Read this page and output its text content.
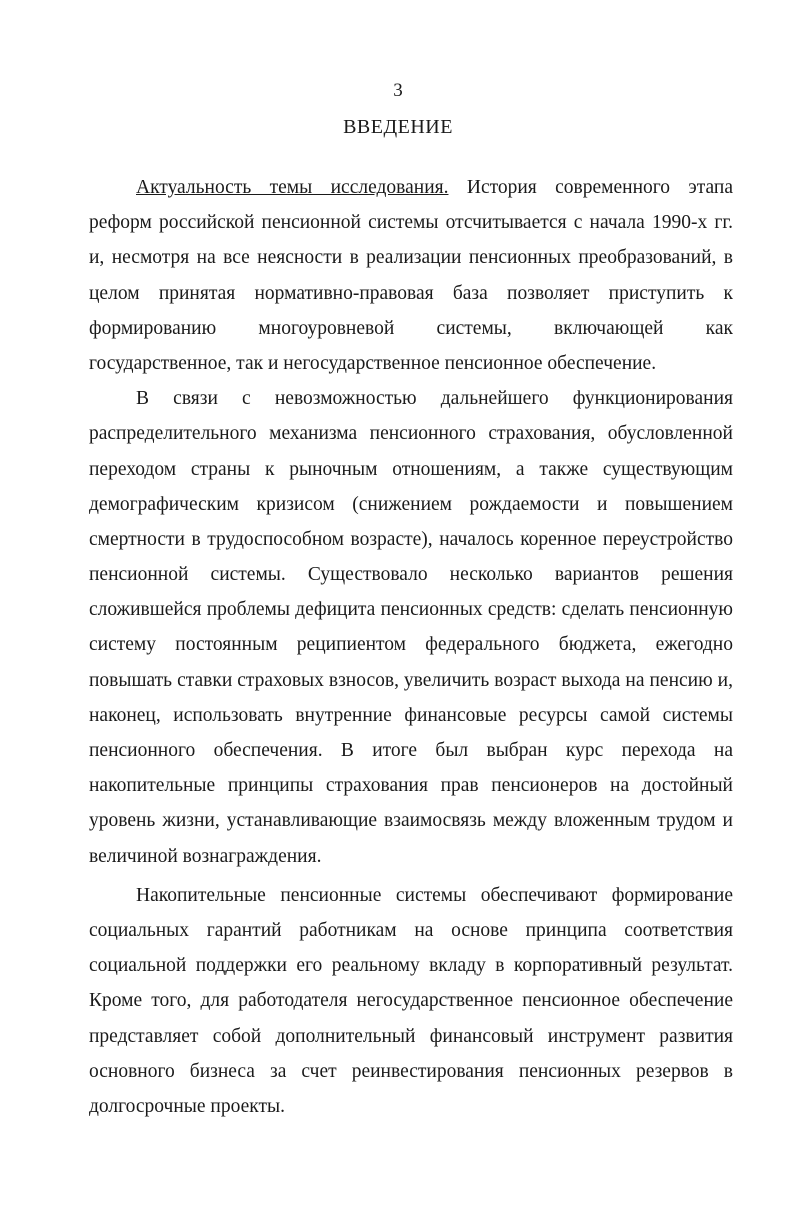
3
ВВЕДЕНИЕ
Актуальность темы исследования. История современного этапа
реформ российской пенсионной системы отсчитывается с начала 1990-х гг.
и, несмотря на все неясности в реализации пенсионных преобразований, в
целом принятая нормативно-правовая база позволяет приступить к
формированию многоуровневой системы, включающей как
государственное, так и негосударственное пенсионное обеспечение.
В связи с невозможностью дальнейшего функционирования
распределительного механизма пенсионного страхования, обусловленной
переходом страны к рыночным отношениям, а также существующим
демографическим кризисом (снижением рождаемости и повышением
смертности в трудоспособном возрасте), началось коренное переустройство
пенсионной системы. Существовало несколько вариантов решения
сложившейся проблемы дефицита пенсионных средств: сделать пенсионную
систему постоянным реципиентом федерального бюджета, ежегодно
повышать ставки страховых взносов, увеличить возраст выхода на пенсию и,
наконец, использовать внутренние финансовые ресурсы самой системы
пенсионного обеспечения. В итоге был выбран курс перехода на
накопительные принципы страхования прав пенсионеров на достойный
уровень жизни, устанавливающие взаимосвязь между вложенным трудом и
величиной вознаграждения.
Накопительные пенсионные системы обеспечивают формирование
социальных гарантий работникам на основе принципа соответствия
социальной поддержки его реальному вкладу в корпоративный результат.
Кроме того, для работодателя негосударственное пенсионное обеспечение
представляет собой дополнительный финансовый инструмент развития
основного бизнеса за счет реинвестирования пенсионных резервов в
долгосрочные проекты.
